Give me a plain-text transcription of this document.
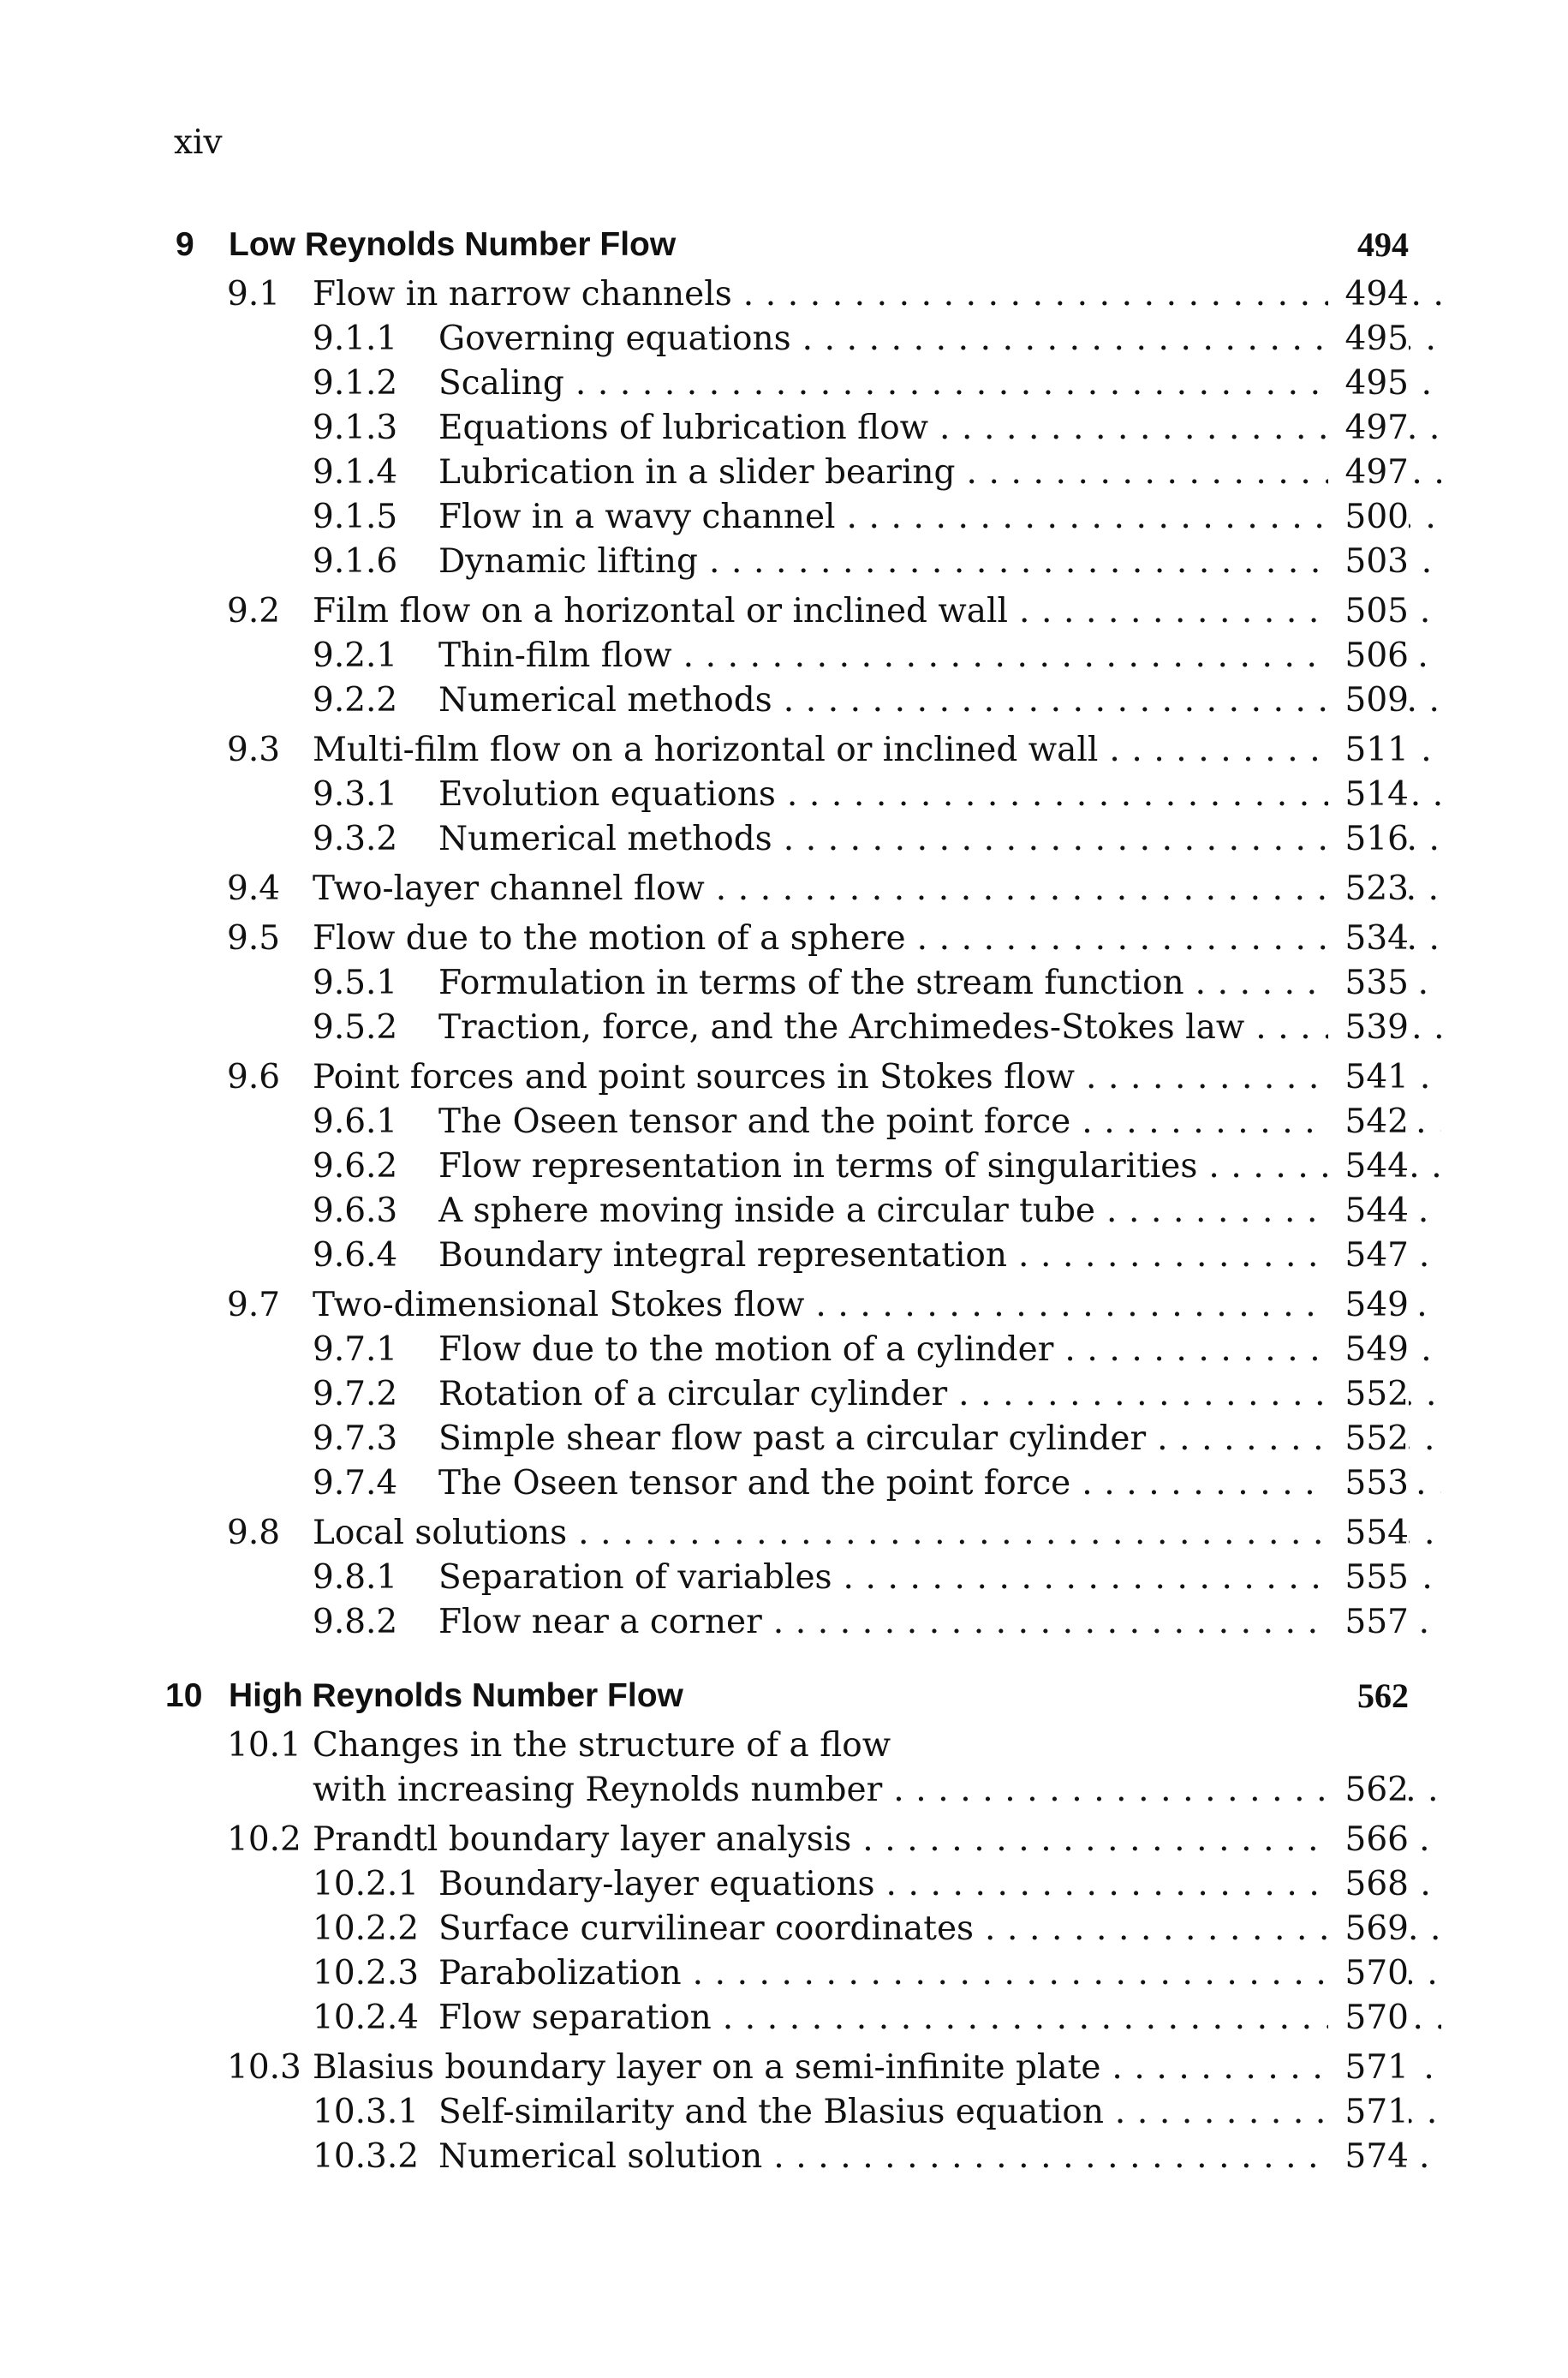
xiv
9 Low Reynolds Number Flow	494
9.1 Flow in narrow channels . . .	494
9.1.1 Governing equations . . .	495
9.1.2 Scaling . . .	495
9.1.3 Equations of lubrication flow . . .	497
9.1.4 Lubrication in a slider bearing . . .	497
9.1.5 Flow in a wavy channel . . .	500
9.1.6 Dynamic lifting . . .	503
9.2 Film flow on a horizontal or inclined wall . . .	505
9.2.1 Thin-film flow . . .	506
9.2.2 Numerical methods . . .	509
9.3 Multi-film flow on a horizontal or inclined wall . . .	511
9.3.1 Evolution equations . . .	514
9.3.2 Numerical methods . . .	516
9.4 Two-layer channel flow . . .	523
9.5 Flow due to the motion of a sphere . . .	534
9.5.1 Formulation in terms of the stream function . . .	535
9.5.2 Traction, force, and the Archimedes-Stokes law . . .	539
9.6 Point forces and point sources in Stokes flow . . .	541
9.6.1 The Oseen tensor and the point force . . .	542
9.6.2 Flow representation in terms of singularities . . .	544
9.6.3 A sphere moving inside a circular tube . . .	544
9.6.4 Boundary integral representation . . .	547
9.7 Two-dimensional Stokes flow . . .	549
9.7.1 Flow due to the motion of a cylinder . . .	549
9.7.2 Rotation of a circular cylinder . . .	552
9.7.3 Simple shear flow past a circular cylinder . . .	552
9.7.4 The Oseen tensor and the point force . . .	553
9.8 Local solutions . . .	554
9.8.1 Separation of variables . . .	555
9.8.2 Flow near a corner . . .	557
10 High Reynolds Number Flow	562
10.1 Changes in the structure of a flow
with increasing Reynolds number . . .	562
10.2 Prandtl boundary layer analysis . . .	566
10.2.1 Boundary-layer equations . . .	568
10.2.2 Surface curvilinear coordinates . . .	569
10.2.3 Parabolization . . .	570
10.2.4 Flow separation . . .	570
10.3 Blasius boundary layer on a semi-infinite plate . . .	571
10.3.1 Self-similarity and the Blasius equation . . .	571
10.3.2 Numerical solution . . .	574
